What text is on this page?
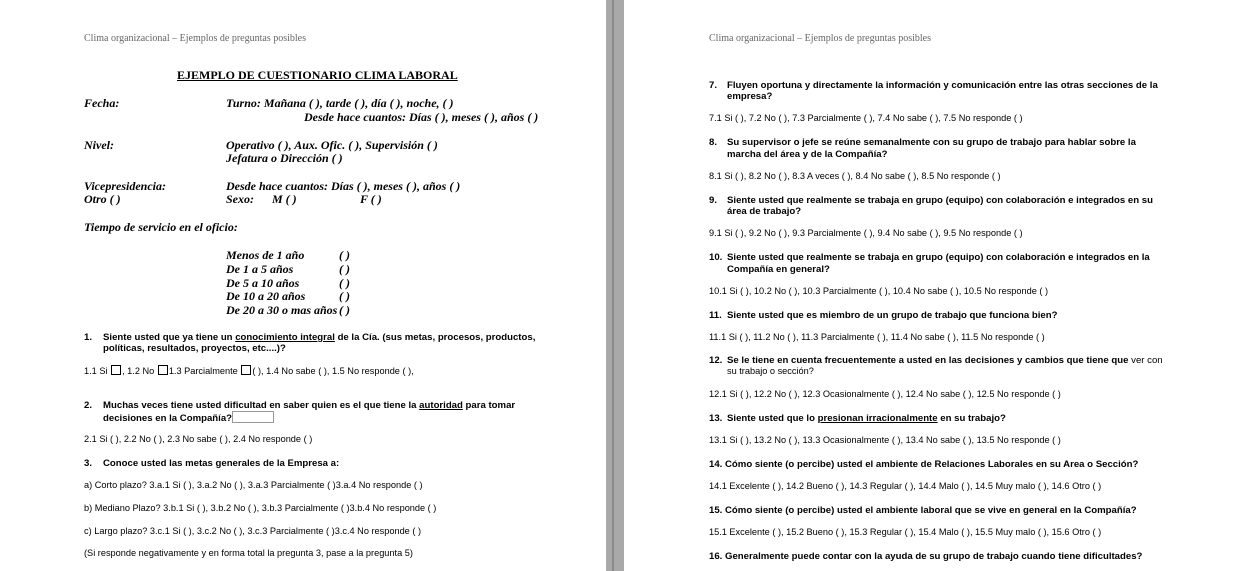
Clima organizacional – Ejemplos de preguntas posibles
EJEMPLO DE CUESTIONARIO CLIMA LABORAL
Fecha:	Turno: Mañana ( ), tarde ( ), día ( ), noche, ( )
Desde hace cuantos: Días ( ), meses ( ), años ( )
Nivel:	Operativo ( ), Aux. Ofic. ( ), Supervisión ( )
Jefatura o Dirección ( )
Vicepresidencia:	Desde hace cuantos: Días ( ), meses ( ), años ( )
Otro ( )	Sexo: M ( )	F ( )
Tiempo de servicio en el oficio:
Menos de 1 año	( )
De 1 a 5 años	( )
De 5 a 10 años	( )
De 10 a 20 años	( )
De 20 a 30 o mas años ( )
1. Siente usted que ya tiene un conocimiento integral de la Cía. (sus metas, procesos, productos,
políticas, resultados, proyectos, etc....)?
1.1 Si , 1.2 No 1.3 Parcialmente ( ), 1.4 No sabe ( ), 1.5 No responde ( ),
2. Muchas veces tiene usted dificultad en saber quien es el que tiene la autoridad para tomar
decisiones en la Compañía?
2.1 Si ( ), 2.2 No ( ), 2.3 No sabe ( ), 2.4 No responde ( )
3. Conoce usted las metas generales de la Empresa a:
a) Corto plazo? 3.a.1 Si ( ), 3.a.2 No ( ), 3.a.3 Parcialmente ( )3.a.4 No responde ( )
b) Mediano Plazo? 3.b.1 Si ( ), 3.b.2 No ( ), 3.b.3 Parcialmente ( )3.b.4 No responde ( )
c) Largo plazo? 3.c.1 Si ( ), 3.c.2 No ( ), 3.c.3 Parcialmente ( )3.c.4 No responde ( )
(Si responde negativamente y en forma total la pregunta 3, pase a la pregunta 5)
Clima organizacional – Ejemplos de preguntas posibles
7. Fluyen oportuna y directamente la información y comunicación entre las otras secciones de la
empresa?
7.1 Si ( ), 7.2 No ( ), 7.3 Parcialmente ( ), 7.4 No sabe ( ), 7.5 No responde ( )
8. Su supervisor o jefe se reúne semanalmente con su grupo de trabajo para hablar sobre la
marcha del área y de la Compañía?
8.1 Si ( ), 8.2 No ( ), 8.3 A veces ( ), 8.4 No sabe ( ), 8.5 No responde ( )
9. Siente usted que realmente se trabaja en grupo (equipo) con colaboración e integrados en su
área de trabajo?
9.1 Si ( ), 9.2 No ( ), 9.3 Parcialmente ( ), 9.4 No sabe ( ), 9.5 No responde ( )
10. Siente usted que realmente se trabaja en grupo (equipo) con colaboración e integrados en la
Compañía en general?
10.1 Si ( ), 10.2 No ( ), 10.3 Parcialmente ( ), 10.4 No sabe ( ), 10.5 No responde ( )
11. Siente usted que es miembro de un grupo de trabajo que funciona bien?
11.1 Si ( ), 11.2 No ( ), 11.3 Parcialmente ( ), 11.4 No sabe ( ), 11.5 No responde ( )
12. Se le tiene en cuenta frecuentemente a usted en las decisiones y cambios que tiene que ver con
su trabajo o sección?
12.1 Si ( ), 12.2 No ( ), 12.3 Ocasionalmente ( ), 12.4 No sabe ( ), 12.5 No responde ( )
13. Siente usted que lo presionan irracionalmente en su trabajo?
13.1 Si ( ), 13.2 No ( ), 13.3 Ocasionalmente ( ), 13.4 No sabe ( ), 13.5 No responde ( )
14. Cómo siente (o percibe) usted el ambiente de Relaciones Laborales en su Area o Sección?
14.1 Excelente ( ), 14.2 Bueno ( ), 14.3 Regular ( ), 14.4 Malo ( ), 14.5 Muy malo ( ), 14.6 Otro ( )
15. Cómo siente (o percibe) usted el ambiente laboral que se vive en general en la Compañía?
15.1 Excelente ( ), 15.2 Bueno ( ), 15.3 Regular ( ), 15.4 Malo ( ), 15.5 Muy malo ( ), 15.6 Otro ( )
16. Generalmente puede contar con la ayuda de su grupo de trabajo cuando tiene dificultades?
